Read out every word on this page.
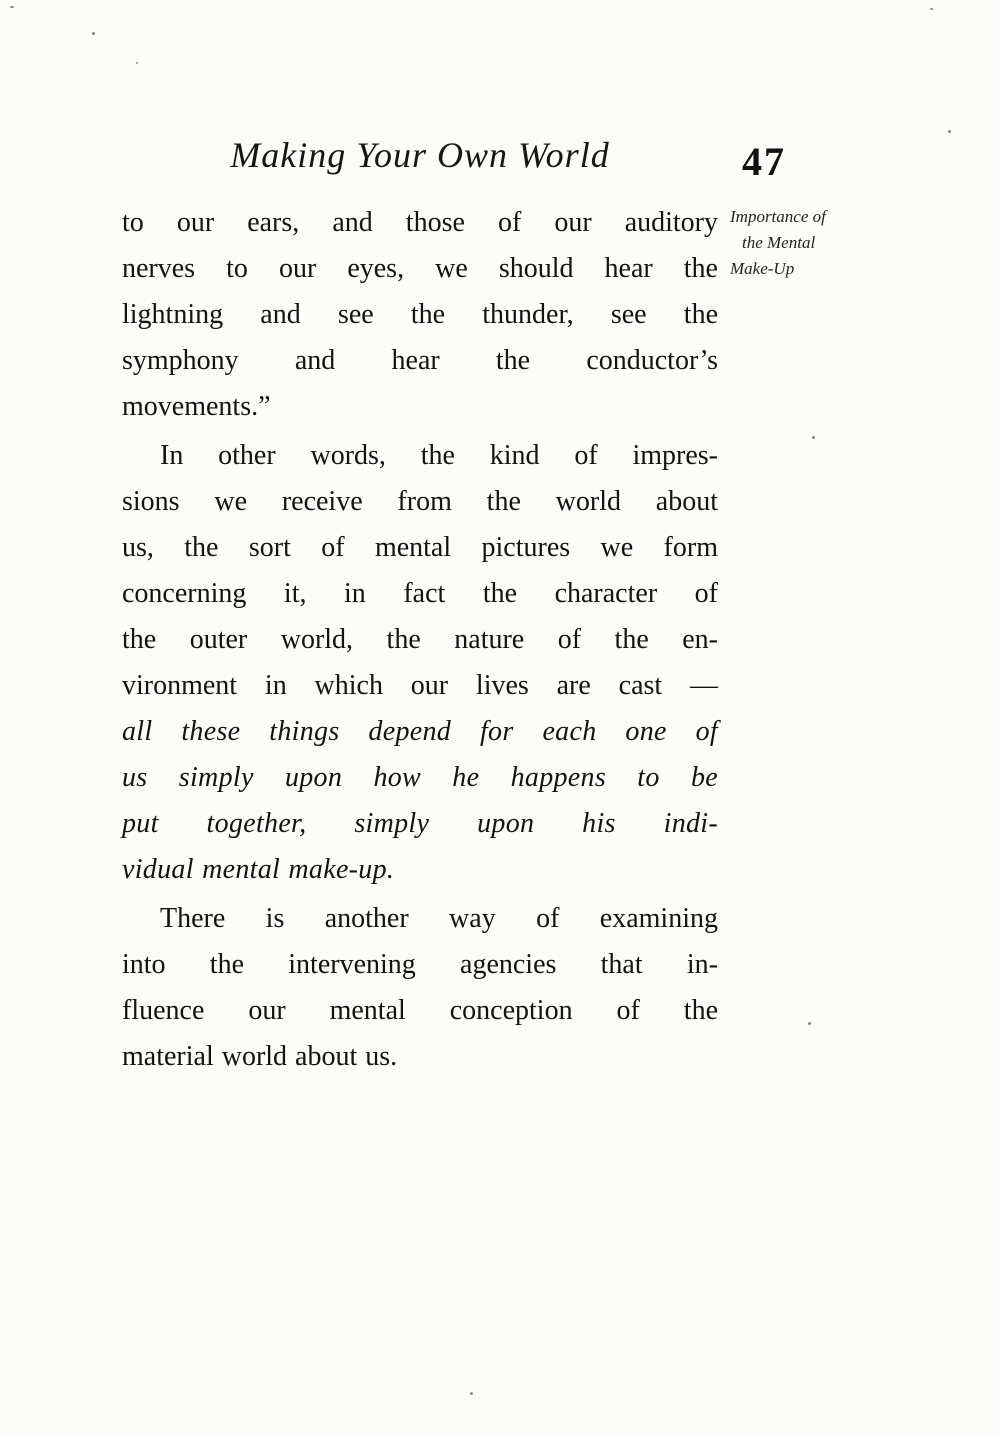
Making Your Own World	47
Importance of
the Mental
Make-Up
to our ears, and those of our auditory
nerves to our eyes, we should hear the
lightning and see the thunder, see the
symphony and hear the conductor’s
movements.”
In other words, the kind of impres-
sions we receive from the world about
us, the sort of mental pictures we form
concerning it, in fact the character of
the outer world, the nature of the en-
vironment in which our lives are cast —
all these things depend for each one of
us simply upon how he happens to be
put together, simply upon his indi-
vidual mental make-up.
There is another way of examining
into the intervening agencies that in-
fluence our mental conception of the
material world about us.
